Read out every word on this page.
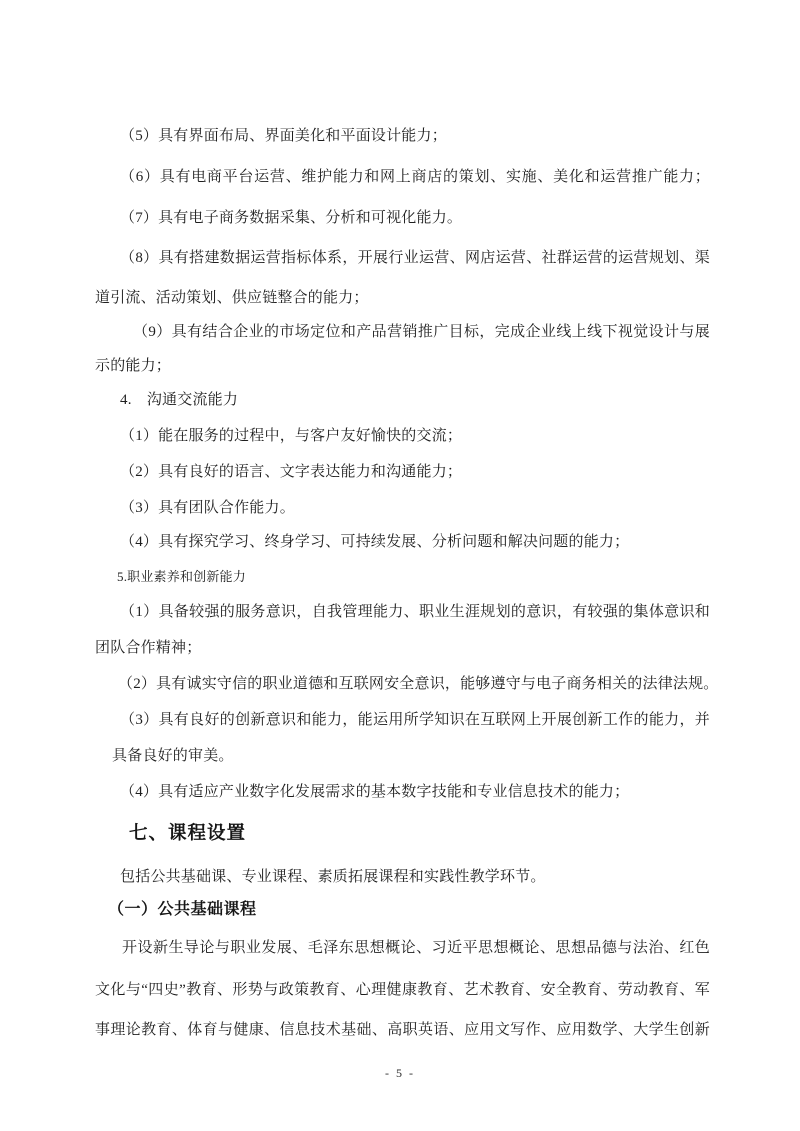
（5）具有界面布局、界面美化和平面设计能力；
（6）具有电商平台运营、维护能力和网上商店的策划、实施、美化和运营推广能力；
（7）具有电子商务数据采集、分析和可视化能力。
（8）具有搭建数据运营指标体系，开展行业运营、网店运营、社群运营的运营规划、渠
道引流、活动策划、供应链整合的能力；
（9）具有结合企业的市场定位和产品营销推广目标，完成企业线上线下视觉设计与展
示的能力；
4.　沟通交流能力
（1）能在服务的过程中，与客户友好愉快的交流；
（2）具有良好的语言、文字表达能力和沟通能力；
（3）具有团队合作能力。
（4）具有探究学习、终身学习、可持续发展、分析问题和解决问题的能力；
5.职业素养和创新能力
（1）具备较强的服务意识，自我管理能力、职业生涯规划的意识，有较强的集体意识和
团队合作精神；
（2）具有诚实守信的职业道德和互联网安全意识，能够遵守与电子商务相关的法律法规。
（3）具有良好的创新意识和能力，能运用所学知识在互联网上开展创新工作的能力，并
具备良好的审美。
（4）具有适应产业数字化发展需求的基本数字技能和专业信息技术的能力；
七、课程设置
包括公共基础课、专业课程、素质拓展课程和实践性教学环节。
（一）公共基础课程
开设新生导论与职业发展、毛泽东思想概论、习近平思想概论、思想品德与法治、红色
文化与“四史”教育、形势与政策教育、心理健康教育、艺术教育、安全教育、劳动教育、军
事理论教育、体育与健康、信息技术基础、高职英语、应用文写作、应用数学、大学生创新
- 5 -
